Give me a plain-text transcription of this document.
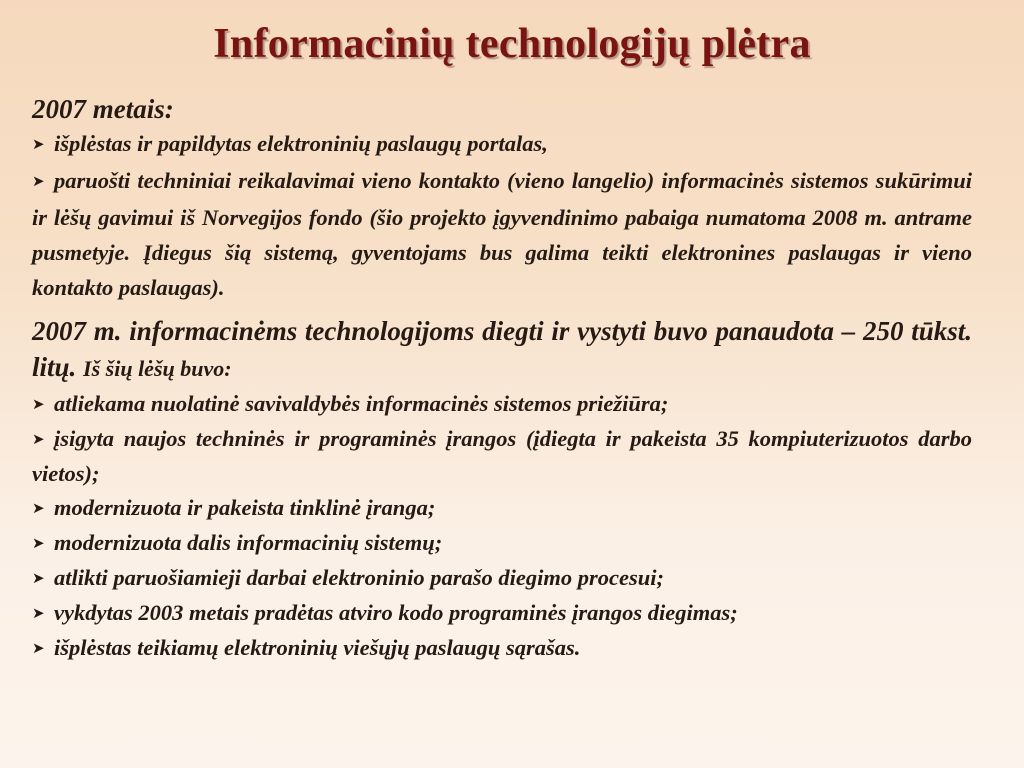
Informacinių technologijų plėtra

2007 metais:

➤ išplėstas ir papildytas elektroninių paslaugų portalas,
➤ paruošti techniniai reikalavimai vieno kontakto (vieno langelio) informacinės sistemos sukūrimui ir lėšų gavimui iš Norvegijos fondo (šio projekto įgyvendinimo pabaiga numatoma 2008 m. antrame pusmetyje. Įdiegus šią sistemą, gyventojams bus galima teikti elektronines paslaugas ir vieno kontakto paslaugas).

2007 m. informacinėms technologijoms diegti ir vystyti buvo panaudota – 250 tūkst. litų. Iš šių lėšų buvo:

➤ atliekama nuolatinė savivaldybės informacinės sistemos priežiūra;
➤ įsigyta naujos techninės ir programinės įrangos (įdiegta ir pakeista 35 kompiuterizuotos darbo vietos);
➤ modernizuota ir pakeista tinklinė įranga;
➤ modernizuota dalis informacinių sistemų;
➤ atlikti paruošiamieji darbai elektroninio parašo diegimo procesui;
➤ vykdytas 2003 metais pradėtas atviro kodo programinės įrangos diegimas;
➤ išplėstas teikiamų elektroninių viešųjų paslaugų sąrašas.
